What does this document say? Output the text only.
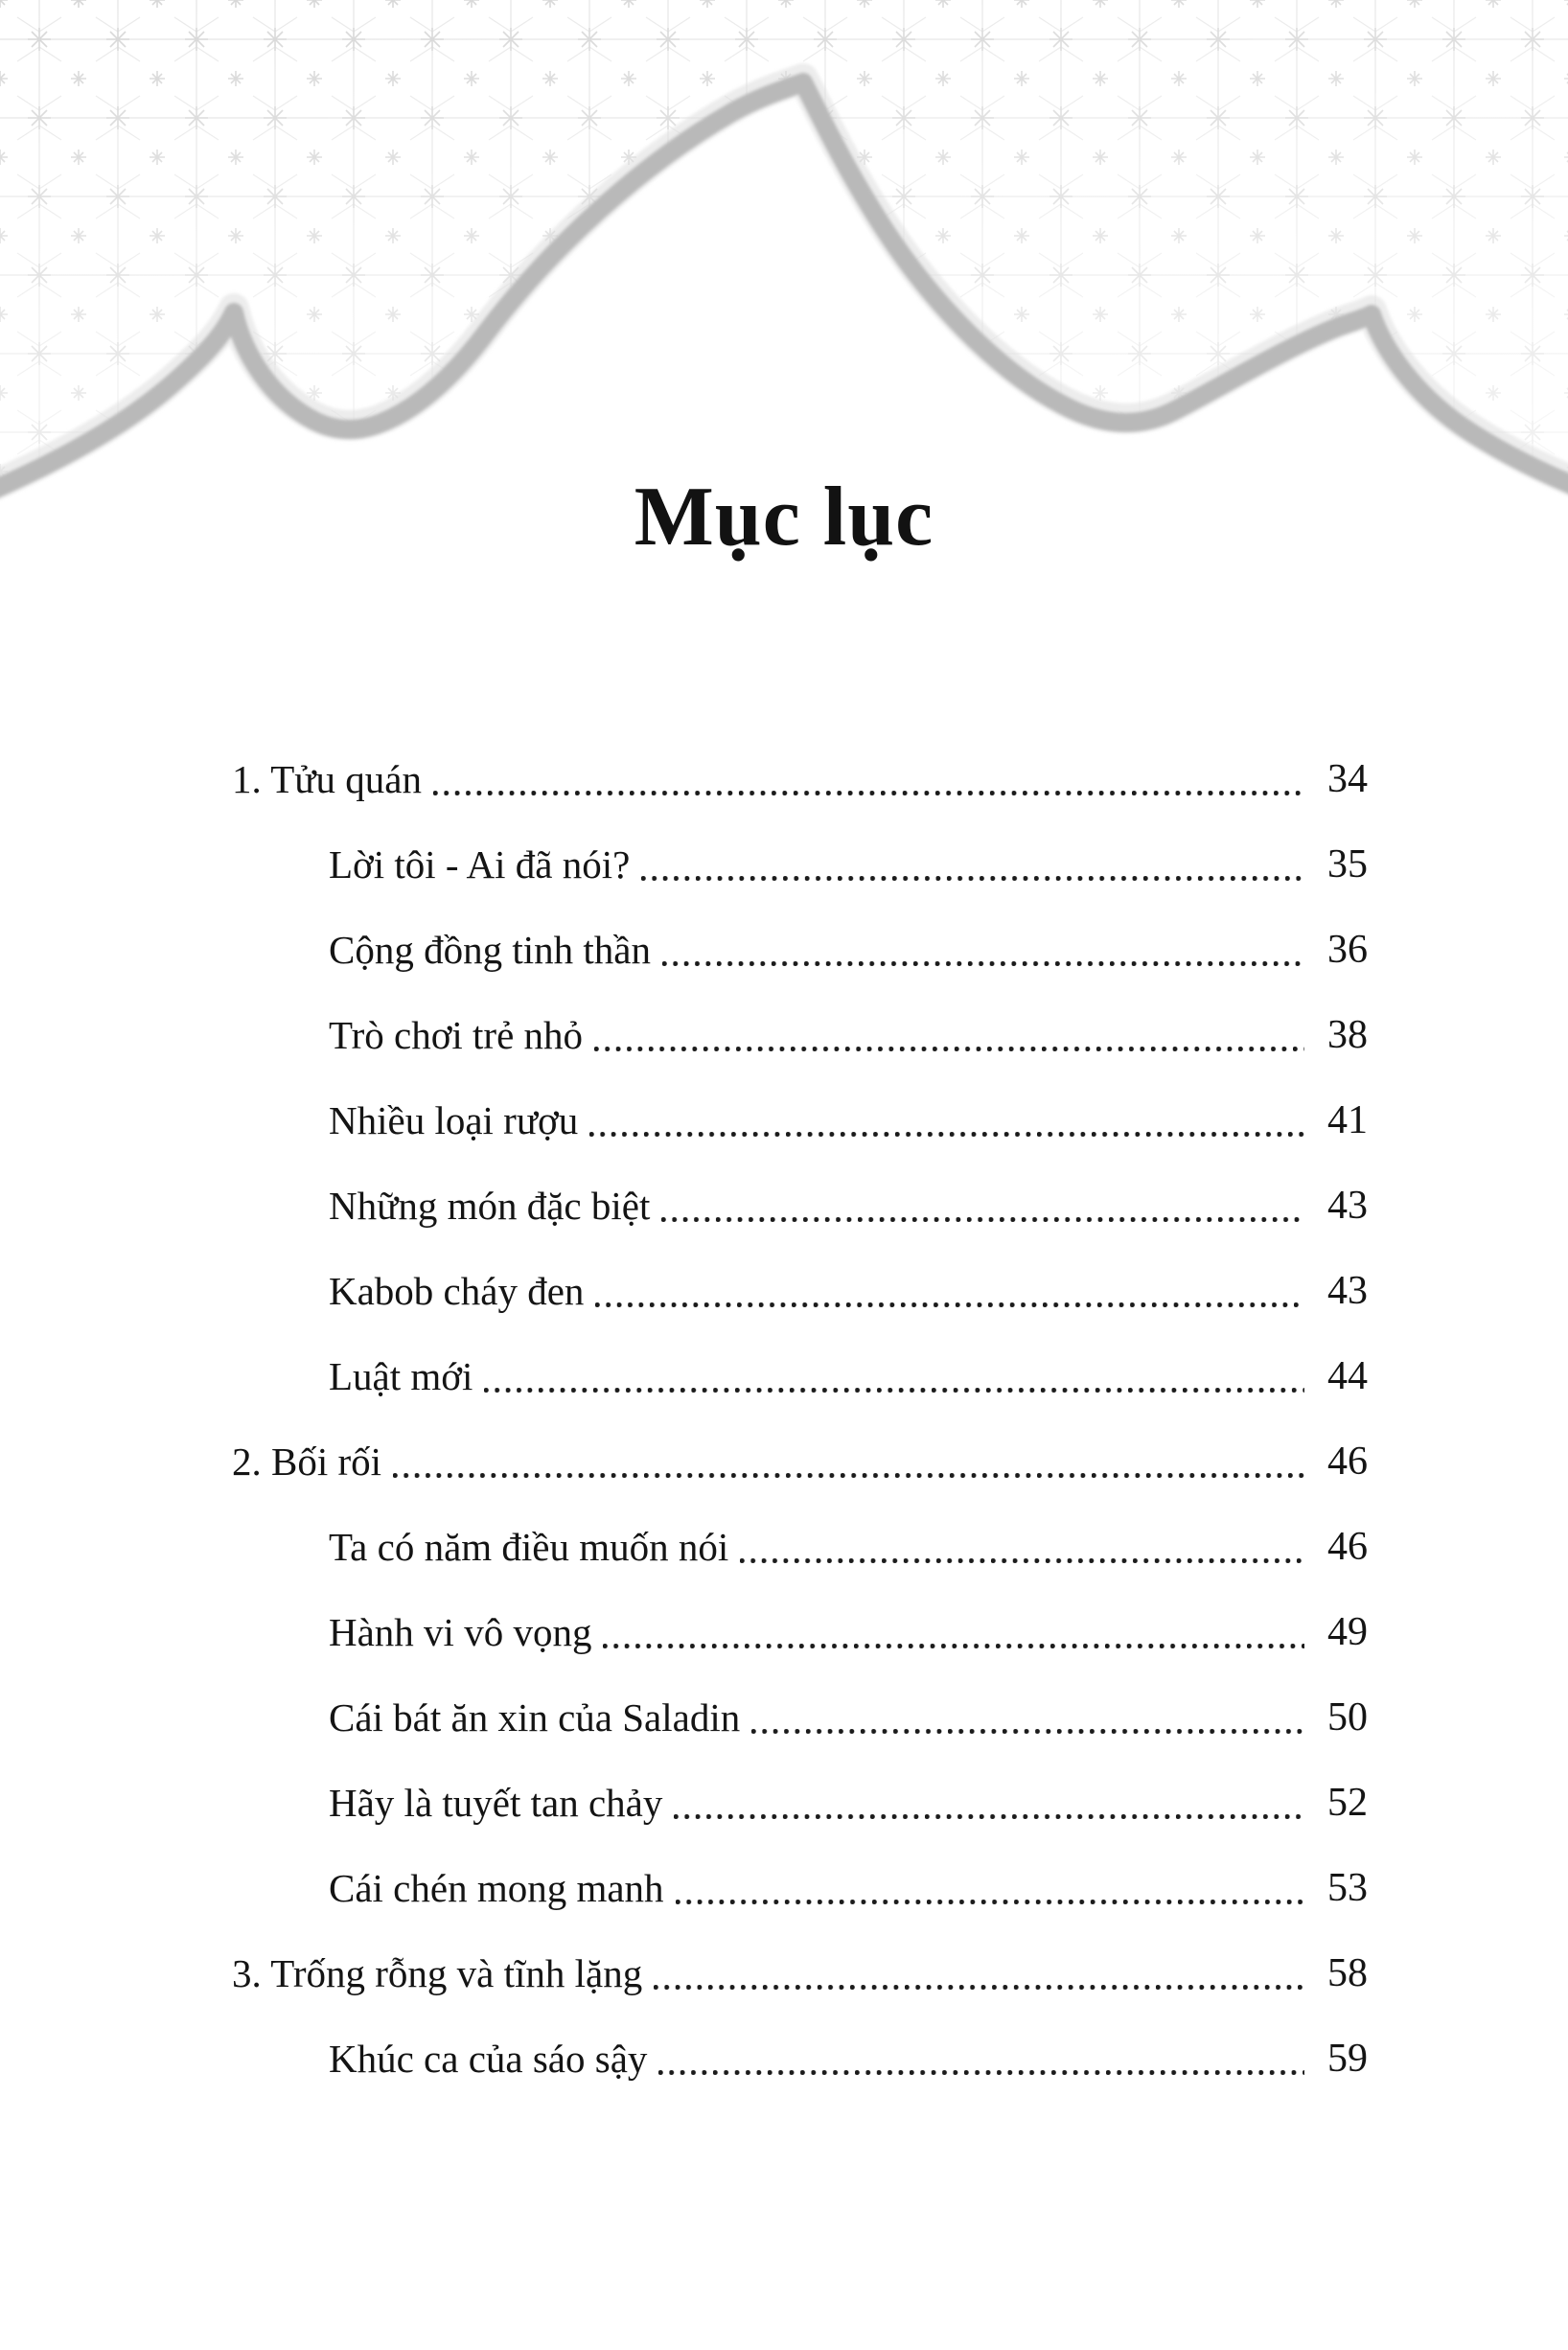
Mục lục
1. Tửu quán	34
Lời tôi - Ai đã nói?	35
Cộng đồng tinh thần	36
Trò chơi trẻ nhỏ	38
Nhiều loại rượu	41
Những món đặc biệt	43
Kabob cháy đen	43
Luật mới	44
2. Bối rối	46
Ta có năm điều muốn nói	46
Hành vi vô vọng	49
Cái bát ăn xin của Saladin	50
Hãy là tuyết tan chảy	52
Cái chén mong manh	53
3. Trống rỗng và tĩnh lặng	58
Khúc ca của sáo sậy	59
